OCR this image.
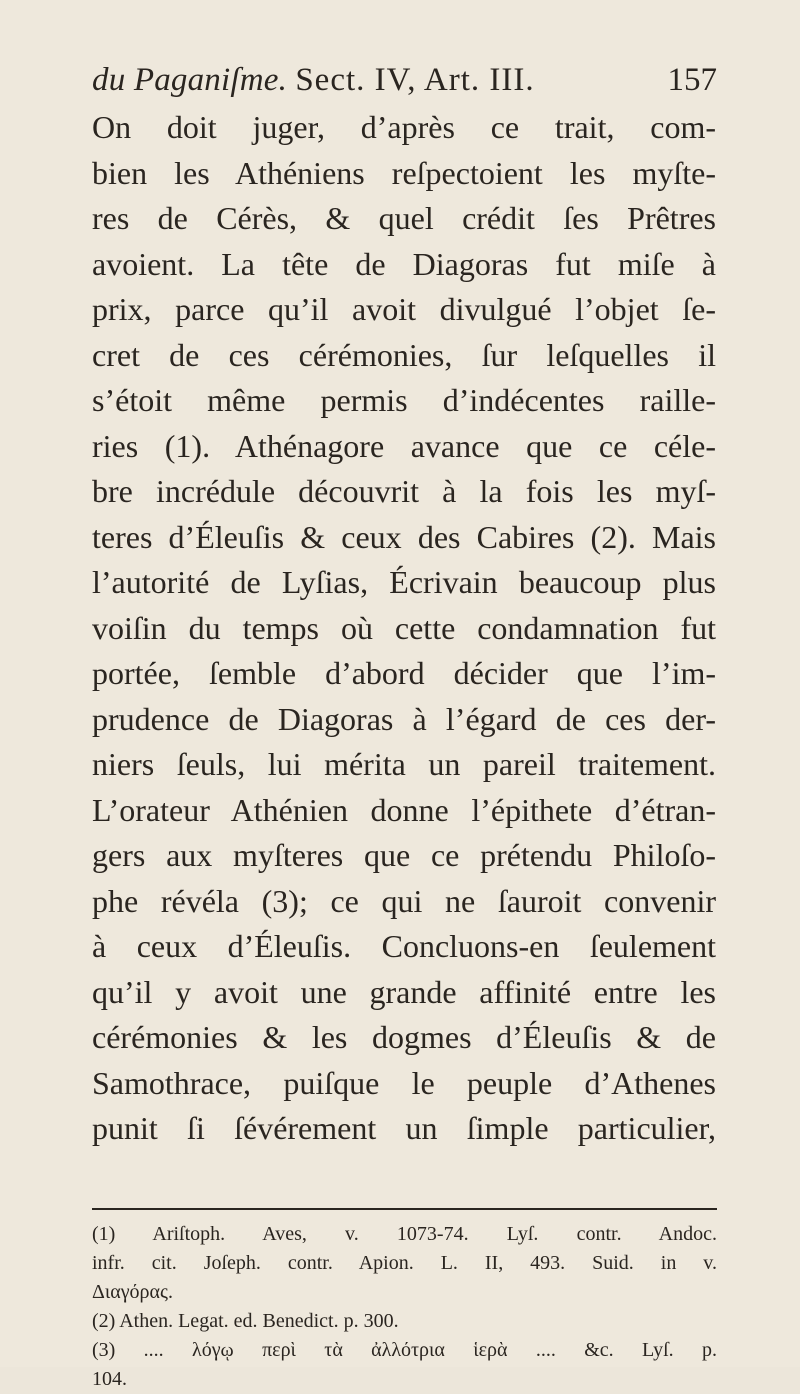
du Paganiſme. Sect. IV, Art. III.	157
On doit juger, d’après ce trait, com-
bien les Athéniens reſpectoient les myſte-
res de Cérès, & quel crédit ſes Prêtres
avoient. La tête de Diagoras fut miſe à
prix, parce qu’il avoit divulgué l’objet ſe-
cret de ces cérémonies, ſur leſquelles il
s’étoit même permis d’indécentes raille-
ries (1). Athénagore avance que ce céle-
bre incrédule découvrit à la fois les myſ-
teres d’Éleuſis & ceux des Cabires (2). Mais
l’autorité de Lyſias, Écrivain beaucoup plus
voiſin du temps où cette condamnation fut
portée, ſemble d’abord décider que l’im-
prudence de Diagoras à l’égard de ces der-
niers ſeuls, lui mérita un pareil traitement.
L’orateur Athénien donne l’épithete d’étran-
gers aux myſteres que ce prétendu Philoſo-
phe révéla (3); ce qui ne ſauroit convenir
à ceux d’Éleuſis. Concluons-en ſeulement
qu’il y avoit une grande affinité entre les
cérémonies & les dogmes d’Éleuſis & de
Samothrace, puiſque le peuple d’Athenes
punit ſi ſévérement un ſimple particulier,
(1) Ariſtoph. Aves, v. 1073-74. Lyſ. contr. Andoc.
infr. cit. Joſeph. contr. Apion. L. II, 493. Suid. in v.
Διαγόρας.
(2) Athen. Legat. ed. Benedict. p. 300.
(3) .... λόγῳ περὶ τὰ ἀλλότρια ἱερὰ .... &c. Lyſ. p.
104.
